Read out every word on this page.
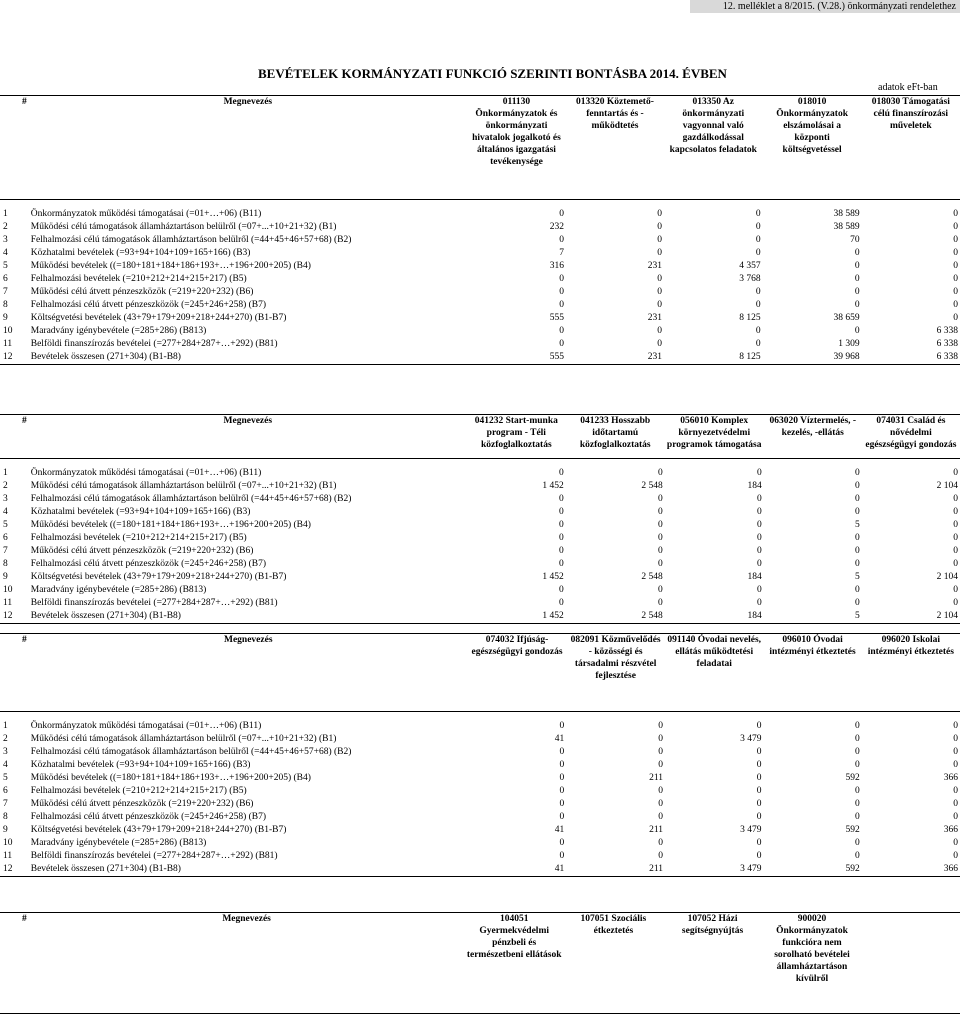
12. melléklet a 8/2015. (V.28.) önkormányzati rendelethez
BEVÉTELEK KORMÁNYZATI FUNKCIÓ SZERINTI BONTÁSBA 2014. ÉVBEN
adatok eFt-ban
#	Megnevezés	011130 Önkormányzatok és önkormányzati hivatalok jogalkotó és általános igazgatási tevékenysége	013320 Köztemető-fenntartás és -működtetés	013350 Az önkormányzati vagyonnal való gazdálkodással kapcsolatos feladatok	018010 Önkormányzatok elszámolásai a központi költségvetéssel	018030 Támogatási célú finanszírozási műveletek

1	Önkormányzatok működési támogatásai (=01+…+06) (B11)	0	0	0	38 589	0
2	Működési célú támogatások államháztartáson belülről (=07+...+10+21+32) (B1)	232	0	0	38 589	0
3	Felhalmozási célú támogatások államháztartáson belülről (=44+45+46+57+68) (B2)	0	0	0	70	0
4	Közhatalmi bevételek (=93+94+104+109+165+166) (B3)	7	0	0	0	0
5	Működési bevételek ((=180+181+184+186+193+…+196+200+205) (B4)	316	231	4 357	0	0
6	Felhalmozási bevételek (=210+212+214+215+217) (B5)	0	0	3 768	0	0
7	Működési célú átvett pénzeszközök (=219+220+232) (B6)	0	0	0	0	0
8	Felhalmozási célú átvett pénzeszközök (=245+246+258) (B7)	0	0	0	0	0
9	Költségvetési bevételek (43+79+179+209+218+244+270) (B1-B7)	555	231	8 125	38 659	0
10	Maradvány igénybevétele (=285+286) (B813)	0	0	0	0	6 338
11	Belföldi finanszírozás bevételei (=277+284+287+…+292) (B81)	0	0	0	1 309	6 338
12	Bevételek összesen (271+304) (B1-B8)	555	231	8 125	39 968	6 338
#	Megnevezés	041232 Start-munka program - Téli közfoglalkoztatás	041233 Hosszabb időtartamú közfoglalkoztatás	056010 Komplex környezetvédelmi programok támogatása	063020 Víztermelés, -kezelés, -ellátás	074031 Család és nővédelmi egészségügyi gondozás

1	Önkormányzatok működési támogatásai (=01+…+06) (B11)	0	0	0	0	0
2	Működési célú támogatások államháztartáson belülről (=07+...+10+21+32) (B1)	1 452	2 548	184	0	2 104
3	Felhalmozási célú támogatások államháztartáson belülről (=44+45+46+57+68) (B2)	0	0	0	0	0
4	Közhatalmi bevételek (=93+94+104+109+165+166) (B3)	0	0	0	0	0
5	Működési bevételek ((=180+181+184+186+193+…+196+200+205) (B4)	0	0	0	5	0
6	Felhalmozási bevételek (=210+212+214+215+217) (B5)	0	0	0	0	0
7	Működési célú átvett pénzeszközök (=219+220+232) (B6)	0	0	0	0	0
8	Felhalmozási célú átvett pénzeszközök (=245+246+258) (B7)	0	0	0	0	0
9	Költségvetési bevételek (43+79+179+209+218+244+270) (B1-B7)	1 452	2 548	184	5	2 104
10	Maradvány igénybevétele (=285+286) (B813)	0	0	0	0	0
11	Belföldi finanszírozás bevételei (=277+284+287+…+292) (B81)	0	0	0	0	0
12	Bevételek összesen (271+304) (B1-B8)	1 452	2 548	184	5	2 104
#	Megnevezés	074032 Ifjúság-egészségügyi gondozás	082091 Közművelődés - közösségi és társadalmi részvétel fejlesztése	091140 Óvodai nevelés, ellátás működtetési feladatai	096010 Óvodai intézményi étkeztetés	096020 Iskolai intézményi étkeztetés

1	Önkormányzatok működési támogatásai (=01+…+06) (B11)	0	0	0	0	0
2	Működési célú támogatások államháztartáson belülről (=07+...+10+21+32) (B1)	41	0	3 479	0	0
3	Felhalmozási célú támogatások államháztartáson belülről (=44+45+46+57+68) (B2)	0	0	0	0	0
4	Közhatalmi bevételek (=93+94+104+109+165+166) (B3)	0	0	0	0	0
5	Működési bevételek ((=180+181+184+186+193+…+196+200+205) (B4)	0	211	0	592	366
6	Felhalmozási bevételek (=210+212+214+215+217) (B5)	0	0	0	0	0
7	Működési célú átvett pénzeszközök (=219+220+232) (B6)	0	0	0	0	0
8	Felhalmozási célú átvett pénzeszközök (=245+246+258) (B7)	0	0	0	0	0
9	Költségvetési bevételek (43+79+179+209+218+244+270) (B1-B7)	41	211	3 479	592	366
10	Maradvány igénybevétele (=285+286) (B813)	0	0	0	0	0
11	Belföldi finanszírozás bevételei (=277+284+287+…+292) (B81)	0	0	0	0	0
12	Bevételek összesen (271+304) (B1-B8)	41	211	3 479	592	366
#	Megnevezés	104051 Gyermekvédelmi pénzbeli és természetbeni ellátások	107051 Szociális étkeztetés	107052 Házi segítségnyújtás	900020 Önkormányzatok funkcióra nem sorolható bevételei államháztartáson kívülről	
